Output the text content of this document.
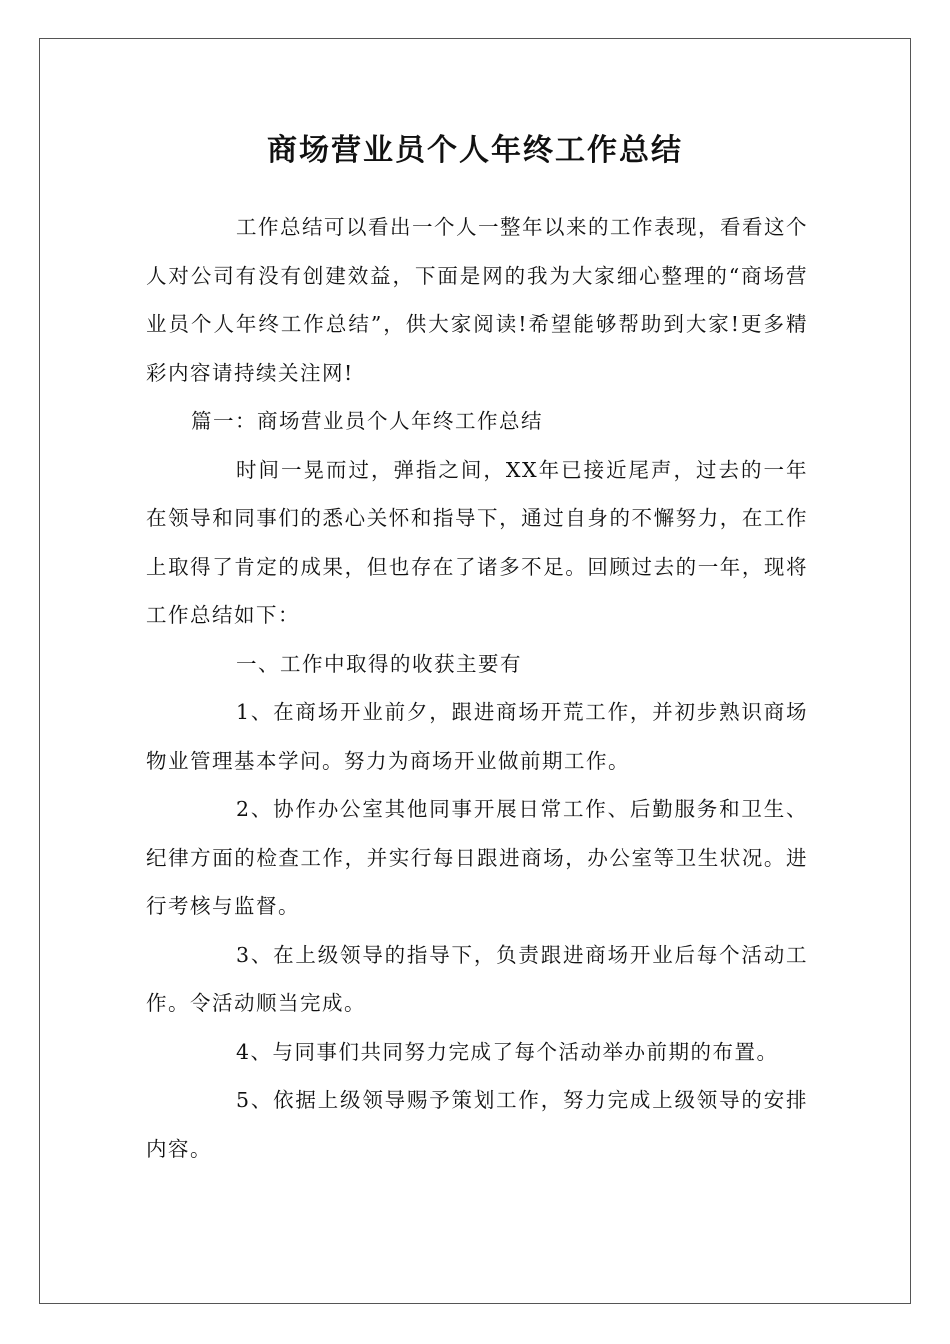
商场营业员个人年终工作总结

工作总结可以看出一个人一整年以来的工作表现，看看这个人对公司有没有创建效益，下面是网的我为大家细心整理的“商场营业员个人年终工作总结”，供大家阅读!希望能够帮助到大家!更多精彩内容请持续关注网!

篇一：商场营业员个人年终工作总结

时间一晃而过，弹指之间，XX年已接近尾声，过去的一年在领导和同事们的悉心关怀和指导下，通过自身的不懈努力，在工作上取得了肯定的成果，但也存在了诸多不足。回顾过去的一年，现将工作总结如下：

一、工作中取得的收获主要有

1、在商场开业前夕，跟进商场开荒工作，并初步熟识商场物业管理基本学问。努力为商场开业做前期工作。

2、协作办公室其他同事开展日常工作、后勤服务和卫生、纪律方面的检查工作，并实行每日跟进商场，办公室等卫生状况。进行考核与监督。

3、在上级领导的指导下，负责跟进商场开业后每个活动工作。令活动顺当完成。

4、与同事们共同努力完成了每个活动举办前期的布置。

5、依据上级领导赐予策划工作，努力完成上级领导的安排内容。
